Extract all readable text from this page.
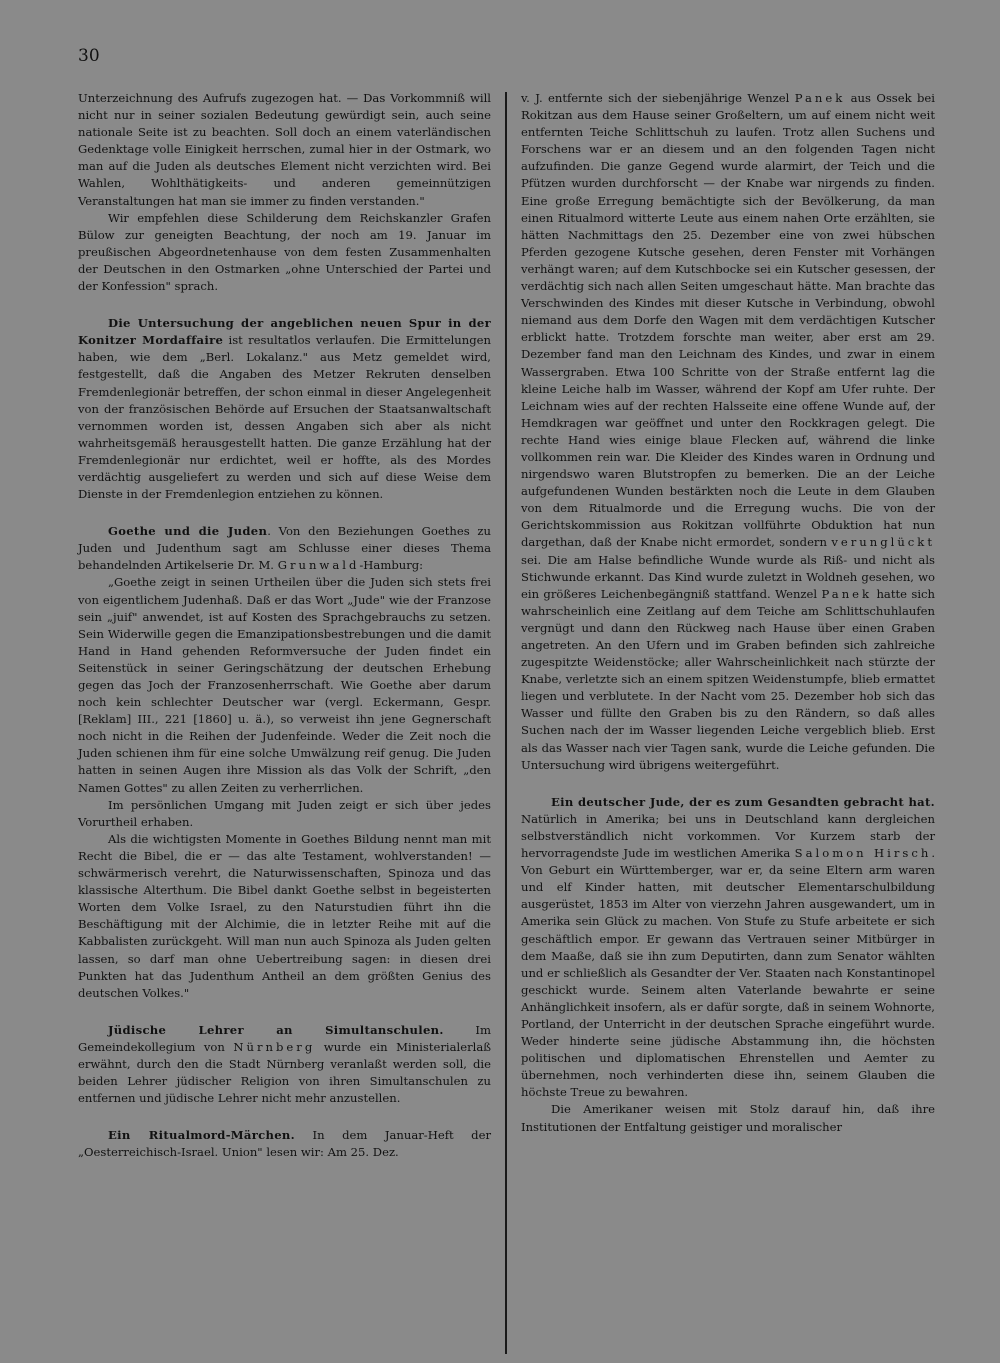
30

Unterzeichnung des Aufrufs zugezogen hat. — Das Vorkommniß will nicht nur in seiner sozialen Bedeutung gewürdigt sein, auch seine nationale Seite ist zu beachten. Soll doch an einem vaterländischen Gedenktage volle Einigkeit herrschen, zumal hier in der Ostmark, wo man auf die Juden als deutsches Element nicht verzichten wird. Bei Wahlen, Wohlthätigkeits- und anderen gemeinnützigen Veranstaltungen hat man sie immer zu finden verstanden."

Wir empfehlen diese Schilderung dem Reichskanzler Grafen Bülow zur geneigten Beachtung, der noch am 19. Januar im preußischen Abgeordnetenhause von dem festen Zusammenhalten der Deutschen in den Ostmarken „ohne Unterschied der Partei und der Konfession" sprach.

Die Untersuchung der angeblichen neuen Spur in der Konitzer Mordaffaire ist resultatlos verlaufen. Die Ermittelungen haben, wie dem „Berl. Lokalanz." aus Metz gemeldet wird, festgestellt, daß die Angaben des Metzer Rekruten denselben Fremdenlegionär betreffen, der schon einmal in dieser Angelegenheit von der französischen Behörde auf Ersuchen der Staatsanwaltschaft vernommen worden ist, dessen Angaben sich aber als nicht wahrheitsgemäß herausgestellt hatten. Die ganze Erzählung hat der Fremdenlegionär nur erdichtet, weil er hoffte, als des Mordes verdächtig ausgeliefert zu werden und sich auf diese Weise dem Dienste in der Fremdenlegion entziehen zu können.

Goethe und die Juden. Von den Beziehungen Goethes zu Juden und Judenthum sagt am Schlusse einer dieses Thema behandelnden Artikelserie Dr. M. Grunwald-Hamburg:

„Goethe zeigt in seinen Urtheilen über die Juden sich stets frei von eigentlichem Judenhaß. Daß er das Wort „Jude" wie der Franzose sein „juif" anwendet, ist auf Kosten des Sprachgebrauchs zu setzen. Sein Widerwille gegen die Emanzipationsbestrebungen und die damit Hand in Hand gehenden Reformversuche der Juden findet ein Seitenstück in seiner Geringschätzung der deutschen Erhebung gegen das Joch der Franzosenherrschaft. Wie Goethe aber darum noch kein schlechter Deutscher war (vergl. Eckermann, Gespr. [Reklam] III., 221 [1860] u. ä.), so verweist ihn jene Gegnerschaft noch nicht in die Reihen der Judenfeinde. Weder die Zeit noch die Juden schienen ihm für eine solche Umwälzung reif genug. Die Juden hatten in seinen Augen ihre Mission als das Volk der Schrift, „den Namen Gottes" zu allen Zeiten zu verherrlichen.

Im persönlichen Umgang mit Juden zeigt er sich über jedes Vorurtheil erhaben.

Als die wichtigsten Momente in Goethes Bildung nennt man mit Recht die Bibel, die er — das alte Testament, wohlverstanden! — schwärmerisch verehrt, die Naturwissenschaften, Spinoza und das klassische Alterthum. Die Bibel dankt Goethe selbst in begeisterten Worten dem Volke Israel, zu den Naturstudien führt ihn die Beschäftigung mit der Alchimie, die in letzter Reihe mit auf die Kabbalisten zurückgeht. Will man nun auch Spinoza als Juden gelten lassen, so darf man ohne Uebertreibung sagen: in diesen drei Punkten hat das Judenthum Antheil an dem größten Genius des deutschen Volkes."

Jüdische Lehrer an Simultanschulen. Im Gemeindekollegium von Nürnberg wurde ein Ministerialerlaß erwähnt, durch den die Stadt Nürnberg veranlaßt werden soll, die beiden Lehrer jüdischer Religion von ihren Simultanschulen zu entfernen und jüdische Lehrer nicht mehr anzustellen.

Ein Ritualmord-Märchen. In dem Januar-Heft der „Oesterreichisch-Israel. Union" lesen wir: Am 25. Dez.

v. J. entfernte sich der siebenjährige Wenzel Panek aus Ossek bei Rokitzan aus dem Hause seiner Großeltern, um auf einem nicht weit entfernten Teiche Schlittschuh zu laufen. Trotz allen Suchens und Forschens war er an diesem und an den folgenden Tagen nicht aufzufinden. Die ganze Gegend wurde alarmirt, der Teich und die Pfützen wurden durchforscht — der Knabe war nirgends zu finden. Eine große Erregung bemächtigte sich der Bevölkerung, da man einen Ritualmord witterte Leute aus einem nahen Orte erzählten, sie hätten Nachmittags den 25. Dezember eine von zwei hübschen Pferden gezogene Kutsche gesehen, deren Fenster mit Vorhängen verhängt waren; auf dem Kutschbocke sei ein Kutscher gesessen, der verdächtig sich nach allen Seiten umgeschaut hätte. Man brachte das Verschwinden des Kindes mit dieser Kutsche in Verbindung, obwohl niemand aus dem Dorfe den Wagen mit dem verdächtigen Kutscher erblickt hatte. Trotzdem forschte man weiter, aber erst am 29. Dezember fand man den Leichnam des Kindes, und zwar in einem Wassergraben. Etwa 100 Schritte von der Straße entfernt lag die kleine Leiche halb im Wasser, während der Kopf am Ufer ruhte. Der Leichnam wies auf der rechten Halsseite eine offene Wunde auf, der Hemdkragen war geöffnet und unter den Rockkragen gelegt. Die rechte Hand wies einige blaue Flecken auf, während die linke vollkommen rein war. Die Kleider des Kindes waren in Ordnung und nirgendswo waren Blutstropfen zu bemerken. Die an der Leiche aufgefundenen Wunden bestärkten noch die Leute in dem Glauben von dem Ritualmorde und die Erregung wuchs. Die von der Gerichtskommission aus Rokitzan vollführte Obduktion hat nun dargethan, daß der Knabe nicht ermordet, sondern verunglückt sei. Die am Halse befindliche Wunde wurde als Riß- und nicht als Stichwunde erkannt. Das Kind wurde zuletzt in Woldneh gesehen, wo ein größeres Leichenbegängniß stattfand. Wenzel Panek hatte sich wahrscheinlich eine Zeitlang auf dem Teiche am Schlittschuhlaufen vergnügt und dann den Rückweg nach Hause über einen Graben angetreten. An den Ufern und im Graben befinden sich zahlreiche zugespitzte Weidenstöcke; aller Wahrscheinlichkeit nach stürzte der Knabe, verletzte sich an einem spitzen Weidenstumpfe, blieb ermattet liegen und verblutete. In der Nacht vom 25. Dezember hob sich das Wasser und füllte den Graben bis zu den Rändern, so daß alles Suchen nach der im Wasser liegenden Leiche vergeblich blieb. Erst als das Wasser nach vier Tagen sank, wurde die Leiche gefunden. Die Untersuchung wird übrigens weitergeführt.

Ein deutscher Jude, der es zum Gesandten gebracht hat. Natürlich in Amerika; bei uns in Deutschland kann dergleichen selbstverständlich nicht vorkommen. Vor Kurzem starb der hervorragendste Jude im westlichen Amerika Salomon Hirsch. Von Geburt ein Württemberger, war er, da seine Eltern arm waren und elf Kinder hatten, mit deutscher Elementarschulbildung ausgerüstet, 1853 im Alter von vierzehn Jahren ausgewandert, um in Amerika sein Glück zu machen. Von Stufe zu Stufe arbeitete er sich geschäftlich empor. Er gewann das Vertrauen seiner Mitbürger in dem Maaße, daß sie ihn zum Deputirten, dann zum Senator wählten und er schließlich als Gesandter der Ver. Staaten nach Konstantinopel geschickt wurde. Seinem alten Vaterlande bewahrte er seine Anhänglichkeit insofern, als er dafür sorgte, daß in seinem Wohnorte, Portland, der Unterricht in der deutschen Sprache eingeführt wurde. Weder hinderte seine jüdische Abstammung ihn, die höchsten politischen und diplomatischen Ehrenstellen und Aemter zu übernehmen, noch verhinderten diese ihn, seinem Glauben die höchste Treue zu bewahren.

Die Amerikaner weisen mit Stolz darauf hin, daß ihre Institutionen der Entfaltung geistiger und moralischer
